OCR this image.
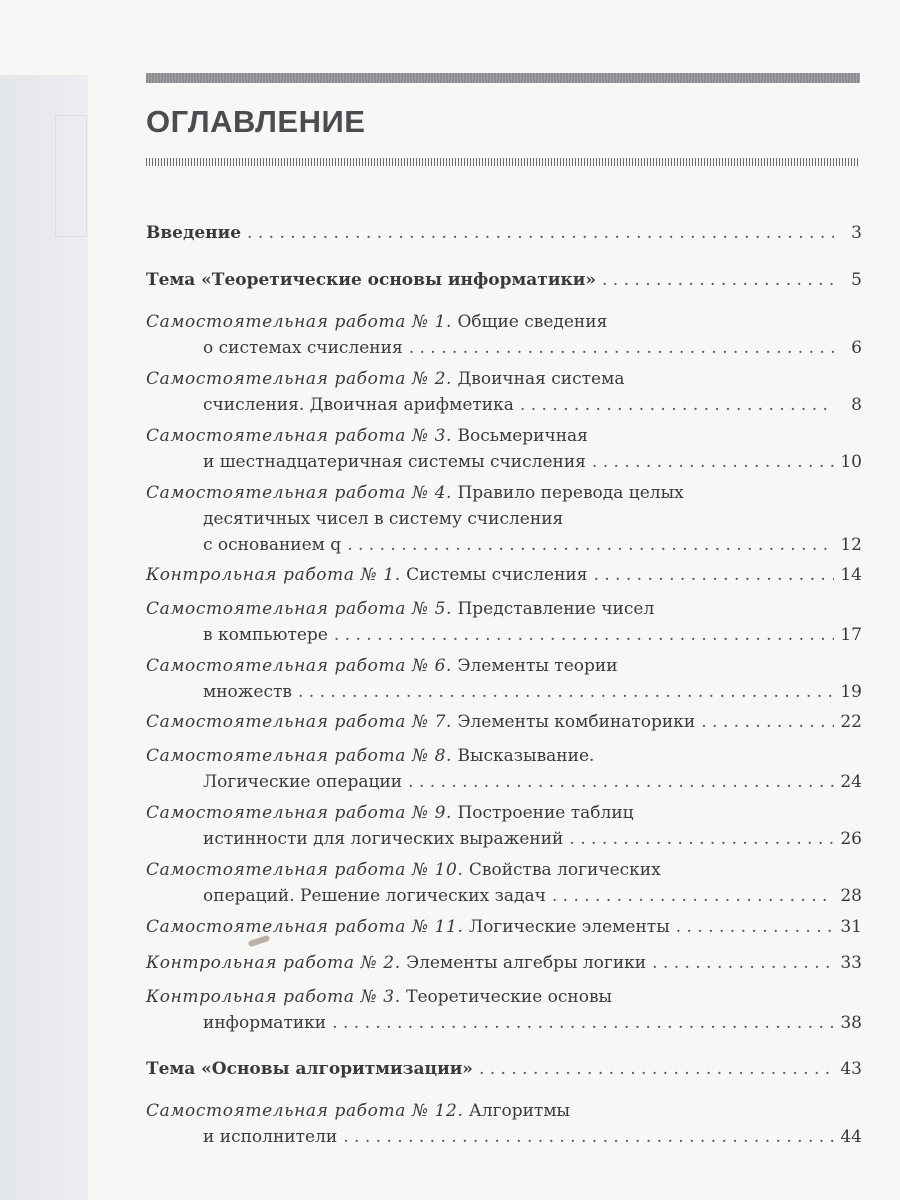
ОГЛАВЛЕНИЕ
Введение . . .	3
Тема «Теоретические основы информатики» . . .	5
Самостоятельная работа № 1.
Общие сведения
о системах счисления . . .	6
Самостоятельная работа № 2.
Двоичная система
счисления. Двоичная арифметика . . .	8
Самостоятельная работа № 3.
Восьмеричная
и шестнадцатеричная системы счисления . . .	10
Самостоятельная работа № 4.
Правило перевода целых
десятичных чисел в систему счисления
с основанием q . . .	12
Контрольная работа № 1.
Системы счисления . . .	14
Самостоятельная работа № 5.
Представление чисел
в компьютере . . .	17
Самостоятельная работа № 6.
Элементы теории
множеств . . .	19
Самостоятельная работа № 7.
Элементы комбинаторики . . .	22
Самостоятельная работа № 8.
Высказывание.
Логические операции . . .	24
Самостоятельная работа № 9.
Построение таблиц
истинности для логических выражений . . .	26
Самостоятельная работа № 10.
Свойства логических
операций. Решение логических задач . . .	28
Самостоятельная работа № 11.
Логические элементы . . .	31
Контрольная работа № 2.
Элементы алгебры логики . . .	33
Контрольная работа № 3.
Теоретические основы
информатики . . .	38
Тема «Основы алгоритмизации» . . .	43
Самостоятельная работа № 12.
Алгоритмы
и исполнители . . .	44
